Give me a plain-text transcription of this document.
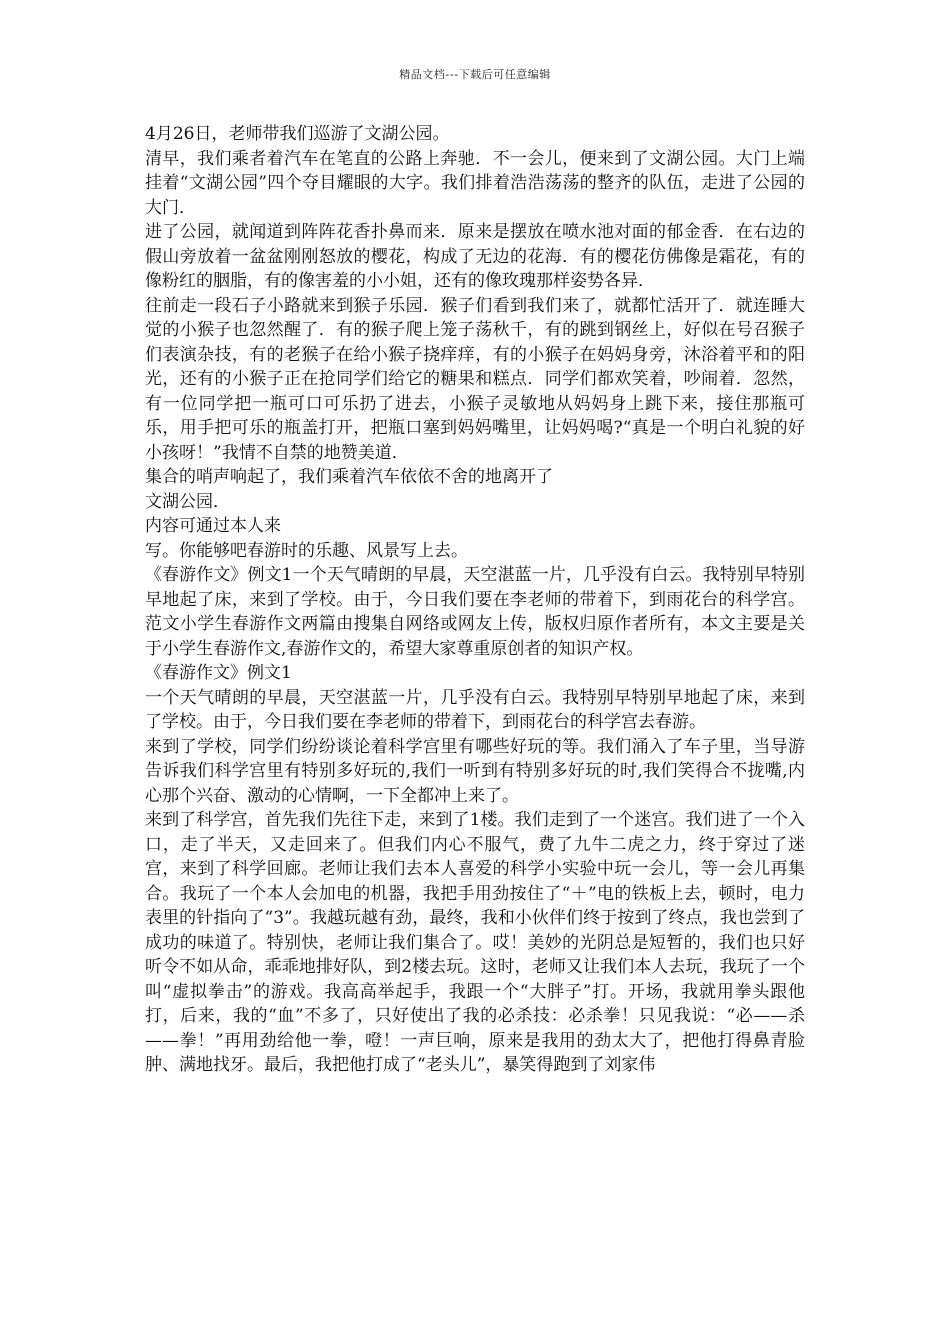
精品文档---下载后可任意编辑

4月26日，老师带我们巡游了文湖公园。

清早，我们乘者着汽车在笔直的公路上奔驰．不一会儿，便来到了文湖公园。大门上端挂着“文湖公园”四个夺目耀眼的大字。我们排着浩浩荡荡的整齐的队伍，走进了公园的大门．

进了公园，就闻道到阵阵花香扑鼻而来．原来是摆放在喷水池对面的郁金香．在右边的假山旁放着一盆盆刚刚怒放的樱花，构成了无边的花海．有的樱花仿佛像是霜花，有的像粉红的胭脂，有的像害羞的小小姐，还有的像玫瑰那样姿势各异．

往前走一段石子小路就来到猴子乐园．猴子们看到我们来了，就都忙活开了．就连睡大觉的小猴子也忽然醒了．有的猴子爬上笼子荡秋千，有的跳到钢丝上，好似在号召猴子们表演杂技，有的老猴子在给小猴子挠痒痒，有的小猴子在妈妈身旁，沐浴着平和的阳光，还有的小猴子正在抢同学们给它的糖果和糕点．同学们都欢笑着，吵闹着．忽然，有一位同学把一瓶可口可乐扔了进去，小猴子灵敏地从妈妈身上跳下来，接住那瓶可乐，用手把可乐的瓶盖打开，把瓶口塞到妈妈嘴里，让妈妈喝?“真是一个明白礼貌的好小孩呀！”我情不自禁的地赞美道．

集合的哨声响起了，我们乘着汽车依依不舍的地离开了

文湖公园．

内容可通过本人来

写。你能够吧春游时的乐趣、风景写上去。

《春游作文》例文1一个天气晴朗的早晨，天空湛蓝一片，几乎没有白云。我特别早特别早地起了床，来到了学校。由于，今日我们要在李老师的带着下，到雨花台的科学宫。范文小学生春游作文两篇由搜集自网络或网友上传，版权归原作者所有，本文主要是关于小学生春游作文,春游作文的，希望大家尊重原创者的知识产权。

《春游作文》例文1

一个天气晴朗的早晨，天空湛蓝一片，几乎没有白云。我特别早特别早地起了床，来到了学校。由于，今日我们要在李老师的带着下，到雨花台的科学宫去春游。

来到了学校，同学们纷纷谈论着科学宫里有哪些好玩的等。我们涌入了车子里，当导游告诉我们科学宫里有特别多好玩的,我们一听到有特别多好玩的时,我们笑得合不拢嘴,内心那个兴奋、激动的心情啊，一下全都冲上来了。

来到了科学宫，首先我们先往下走，来到了1楼。我们走到了一个迷宫。我们进了一个入口，走了半天，又走回来了。但我们内心不服气，费了九牛二虎之力，终于穿过了迷宫，来到了科学回廊。老师让我们去本人喜爱的科学小实验中玩一会儿，等一会儿再集合。我玩了一个本人会加电的机器，我把手用劲按住了“＋”电的铁板上去，顿时，电力表里的针指向了“3”。我越玩越有劲，最终，我和小伙伴们终于按到了终点，我也尝到了成功的味道了。特别快，老师让我们集合了。哎！美妙的光阴总是短暂的，我们也只好听令不如从命，乖乖地排好队，到2楼去玩。这时，老师又让我们本人去玩，我玩了一个叫“虚拟拳击”的游戏。我高高举起手，我跟一个“大胖子”打。开场，我就用拳头跟他打，后来，我的“血”不多了，只好使出了我的必杀技：必杀拳！只见我说：“必——杀——拳！”再用劲给他一拳，噔！一声巨响，原来是我用的劲太大了，把他打得鼻青脸肿、满地找牙。最后，我把他打成了“老头儿”，暴笑得跑到了刘家伟
